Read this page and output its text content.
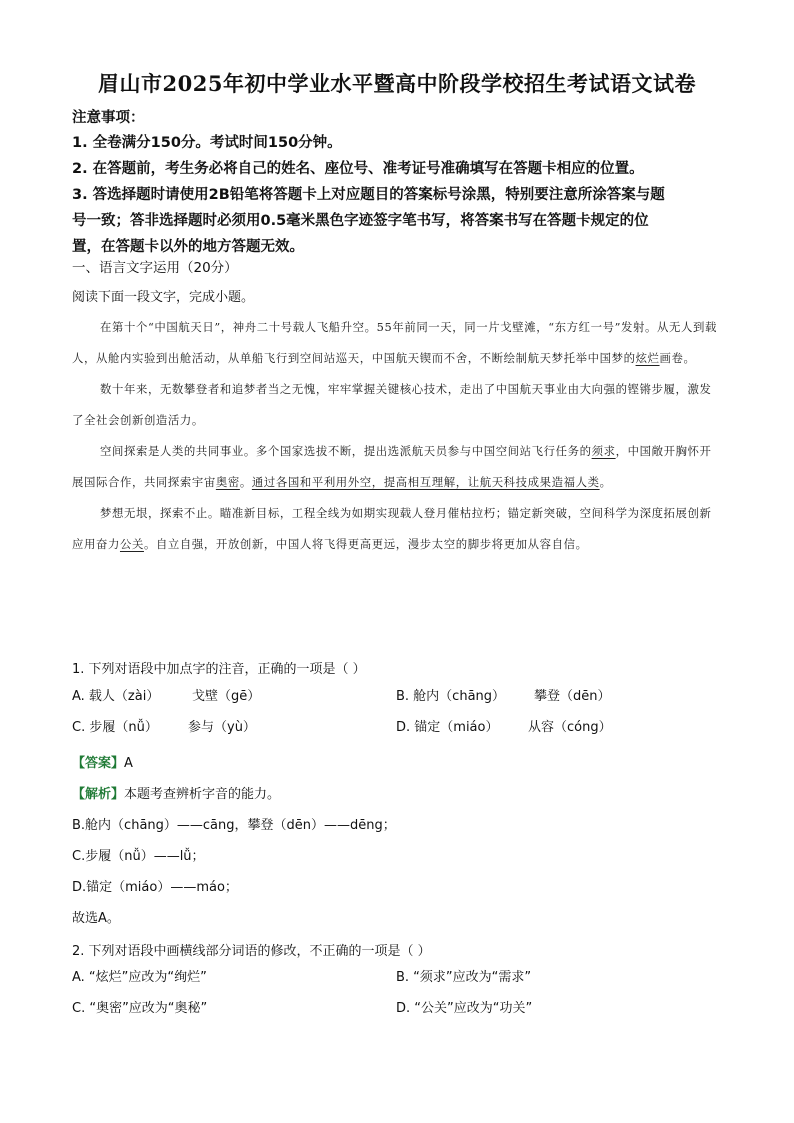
眉山市2025年初中学业水平暨高中阶段学校招生考试语文试卷
注意事项：

1. 全卷满分150分。考试时间150分钟。

2. 在答题前，考生务必将自己的姓名、座位号、准考证号准确填写在答题卡相应的位置。

3. 答选择题时请使用2B铅笔将答题卡上对应题目的答案标号涂黑，特别要注意所涂答案与题

号一致；答非选择题时必须用0.5毫米黑色字迹签字笔书写，将答案书写在答题卡规定的位

置，在答题卡以外的地方答题无效。

一、语言文字运用（20分）
阅读下面一段文字，完成小题。

在第十个“中国航天日”，神舟二十号载人飞船升空。55年前同一天，同一片戈壁滩，“东方红一号”发射。从无人到载人，从舱内实验到出舱活动，从单船飞行到空间站巡天，中国航天锲而不舍，不断绘制航天梦托举中国梦的炫烂画卷。

数十年来，无数攀登者和追梦者当之无愧，牢牢掌握关键核心技术，走出了中国航天事业由大向强的铿锵步履，激发了全社会创新创造活力。

空间探索是人类的共同事业。多个国家选拔不断，提出选派航天员参与中国空间站飞行任务的须求，中国敞开胸怀开展国际合作，共同探索宇宙奥密。通过各国和平利用外空，提高相互理解，让航天科技成果造福人类。

梦想无垠，探索不止。瞄准新目标，工程全线为如期实现载人登月催枯拉朽；锚定新突破，空间科学为深度拓展创新应用奋力公关。自立自强，开放创新，中国人将飞得更高更远，漫步太空的脚步将更加从容自信。

1. 下列对语段中加点字的注音，正确的一项是（ ）
A. 载人（zài）	戈壁（gē）	B. 舱内（chāng） 攀登（dēn）
C. 步履（nǚ） 参与（yù）	D. 锚定（miáo） 从容（cóng）

【答案】A

【解析】本题考查辨析字音的能力。

B.舱内（chāng）——cāng，攀登（dēn）——dēng；

C.步履（nǚ）——lǚ；

D.锚定（miáo）——máo；

故选A。

2. 下列对语段中画横线部分词语的修改，不正确的一项是（ ）
A. “炫烂”应改为“绚烂”	B. “须求”应改为“需求”
C. “奥密”应改为“奥秘”	D. “公关”应改为“功关”
